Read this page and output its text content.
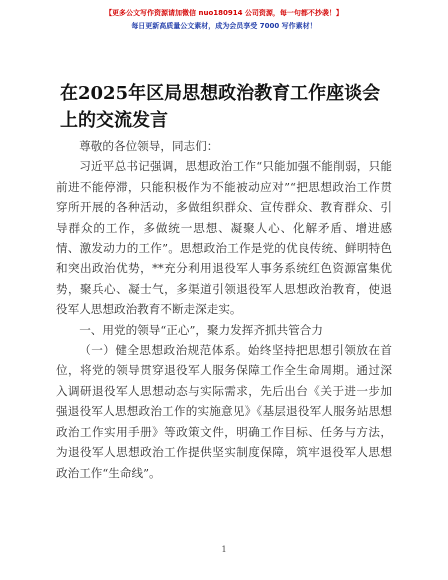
【更多公文写作资源请加微信 nuo180914 公司资源，每一句都不抄袭！】
每日更新高质量公文素材，成为会员享受 7000 写作素材！
在2025年区局思想政治教育工作座谈会上的交流发言

尊敬的各位领导，同志们：

习近平总书记强调，思想政治工作“只能加强不能削弱，只能前进不能停滞，只能积极作为不能被动应对”“把思想政治工作贯穿所开展的各种活动，多做组织群众、宣传群众、教育群众、引导群众的工作，多做统一思想、凝聚人心、化解矛盾、增进感情、激发动力的工作”。思想政治工作是党的优良传统、鲜明特色和突出政治优势，**充分利用退役军人事务系统红色资源富集优势，聚兵心、凝士气，多渠道引领退役军人思想政治教育，使退役军人思想政治教育不断走深走实。

一、用党的领导“正心”，聚力发挥齐抓共管合力

（一）健全思想政治规范体系。始终坚持把思想引领放在首位，将党的领导贯穿退役军人服务保障工作全生命周期。通过深入调研退役军人思想动态与实际需求，先后出台《关于进一步加强退役军人思想政治工作的实施意见》《基层退役军人服务站思想政治工作实用手册》等政策文件，明确工作目标、任务与方法，为退役军人思想政治工作提供坚实制度保障，筑牢退役军人思想政治工作“生命线”。

1
